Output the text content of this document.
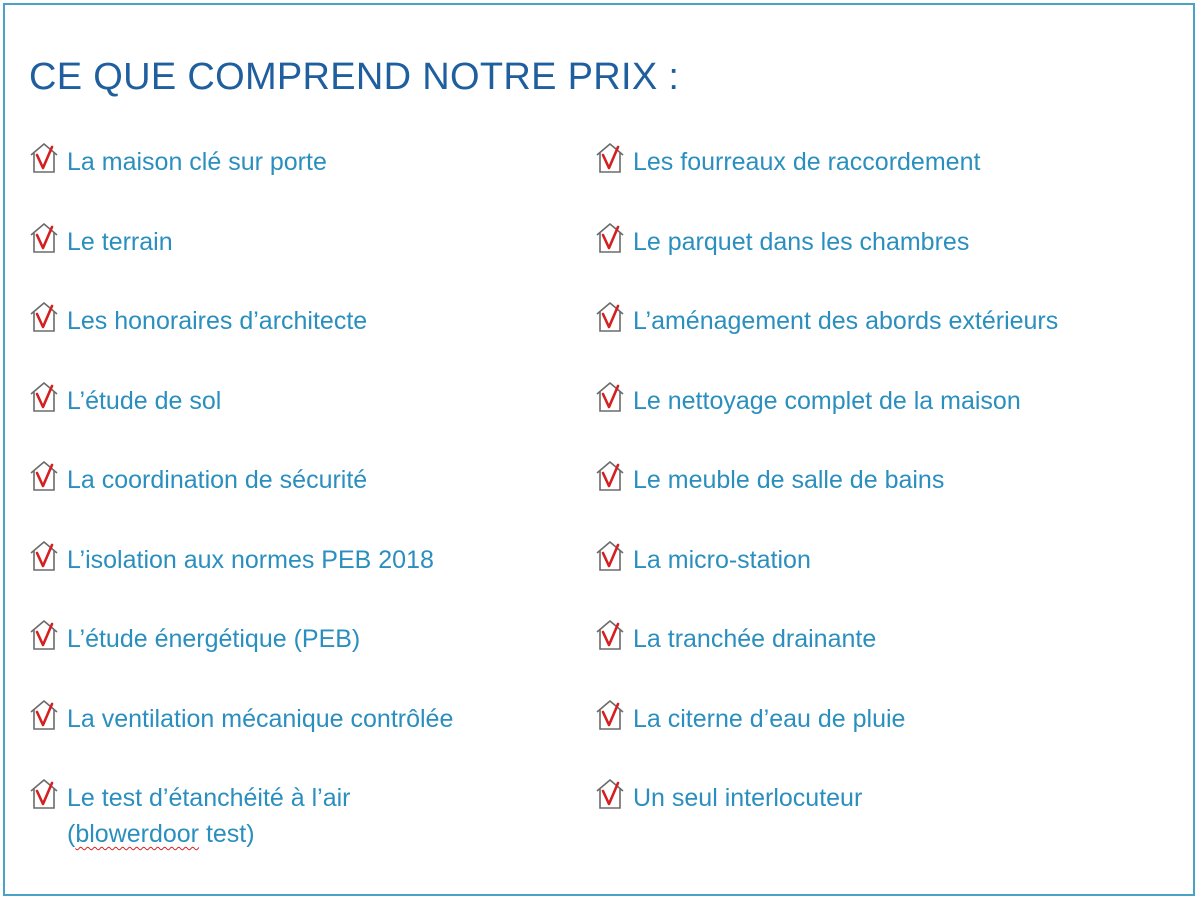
CE QUE COMPREND NOTRE PRIX :
La maison clé sur porte
Le terrain
Les honoraires d’architecte
L’étude de sol
La coordination de sécurité
L’isolation aux normes PEB 2018
L’étude énergétique (PEB)
La ventilation mécanique contrôlée
Le test d’étanchéité à l’air
(blowerdoor test)
Les fourreaux de raccordement
Le parquet dans les chambres
L’aménagement des abords extérieurs
Le nettoyage complet de la maison
Le meuble de salle de bains
La micro-station
La tranchée drainante
La citerne d’eau de pluie
Un seul interlocuteur
